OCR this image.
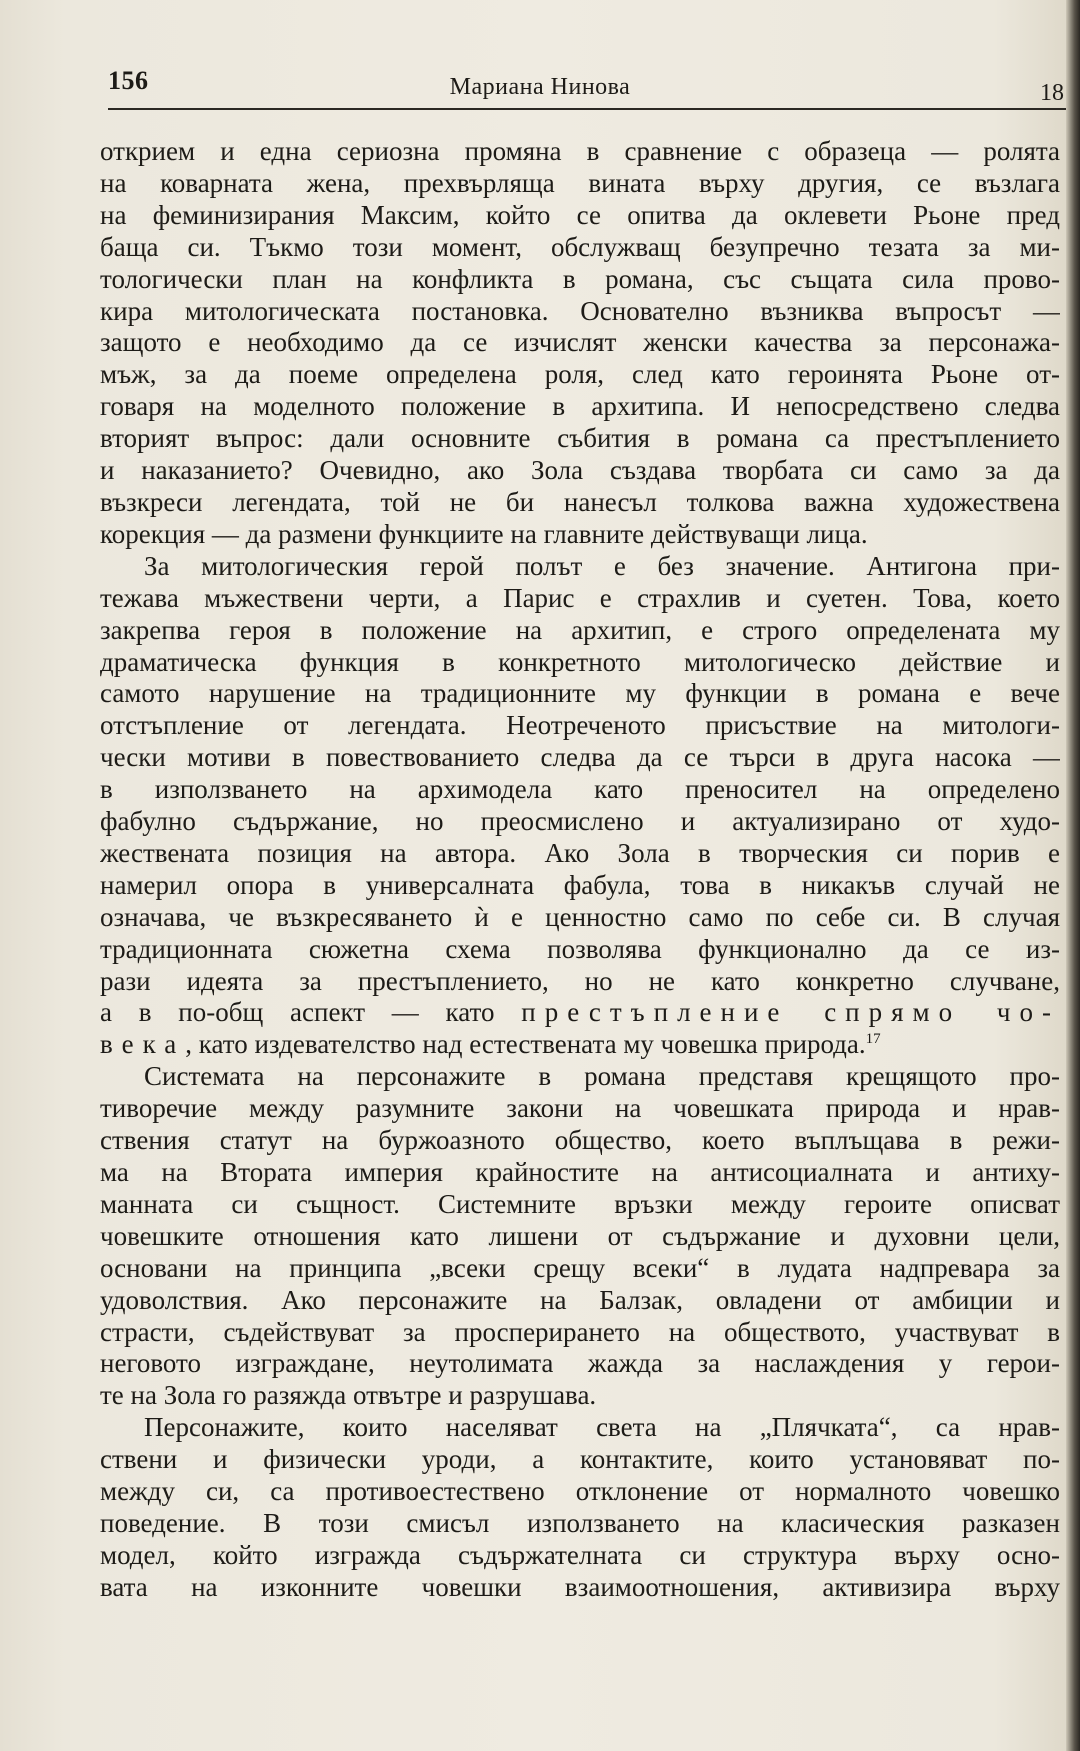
156	Мариана Нинова	18
откриeм и една сериозна промяна в сравнение с образеца — ролята
на коварната жена, прехвърляща вината върху другия, се възлага
на феминизирания Максим, който се опитва да оклевети Рьоне пред
баща си. Тъкмо този момент, обслужващ безупречно тезата за ми-
тологически план на конфликта в романа, със същата сила прово-
кира митологическата постановка. Основателно възниква въпросът —
защото е необходимо да се изчислят женски качества за персонажа-
мъж, за да поеме определена роля, след като героинята Рьоне от-
говаря на моделното положение в архитипа. И непосредствено следва
вторият въпрос: дали основните събития в романа са престъплението
и наказанието? Очевидно, ако Зола създава творбата си само за да
възкреси легендата, той не би нанесъл толкова важна художествена
корекция — да размени функциите на главните действуващи лица.
За митологическия герой полът е без значение. Антигона при-
тежава мъжествени черти, а Парис е страхлив и суетен. Това, което
закрепва героя в положение на архитип, е строго определената му
драматическа функция в конкретното митологическо действие и
самото нарушение на традиционните му функции в романа е вече
отстъпление от легендата. Неотреченото присъствие на митологи-
чески мотиви в повествованието следва да се търси в друга насока —
в използването на архимодела като преносител на определено
фабулно съдържание, но преосмислено и актуализирано от худо-
жествената позиция на автора. Ако Зола в творческия си порив е
намерил опора в универсалната фабула, това в никакъв случай не
означава, че възкресяването ѝ е ценностно само по себе си. В случая
традиционната сюжетна схема позволява функционално да се из-
рази идеята за престъплението, но не като конкретно случване,
а в по-общ аспект — като престъпление спрямо чо-
века, като издевателство над естествената му човешка природа.$^{17}$
Системата на персонажите в романа представя крещящото про-
тиворечие между разумните закони на човешката природа и нрав-
ствения статут на буржоазното общество, което въплъщава в режи-
ма на Втората империя крайностите на антисоциалната и антиху-
манната си същност. Системните връзки между героите описват
човешките отношения като лишени от съдържание и духовни цели,
основани на принципа „всеки срещу всеки“ в лудата надпревара за
удоволствия. Ако персонажите на Балзак, овладени от амбиции и
страсти, съдействуват за просперирането на обществото, участвуват в
неговото изграждане, неутолимата жажда за наслаждения у герои-
те на Зола го разяжда отвътре и разрушава.
Персонажите, които населяват света на „Плячката“, са нрав-
ствени и физически уроди, а контактите, които установяват по-
между си, са противоестествено отклонение от нормалното човешко
поведение. В този смисъл използването на класическия разказен
модел, който изгражда съдържателната си структура върху осно-
вата на изконните човешки взаимоотношения, активизира върху
